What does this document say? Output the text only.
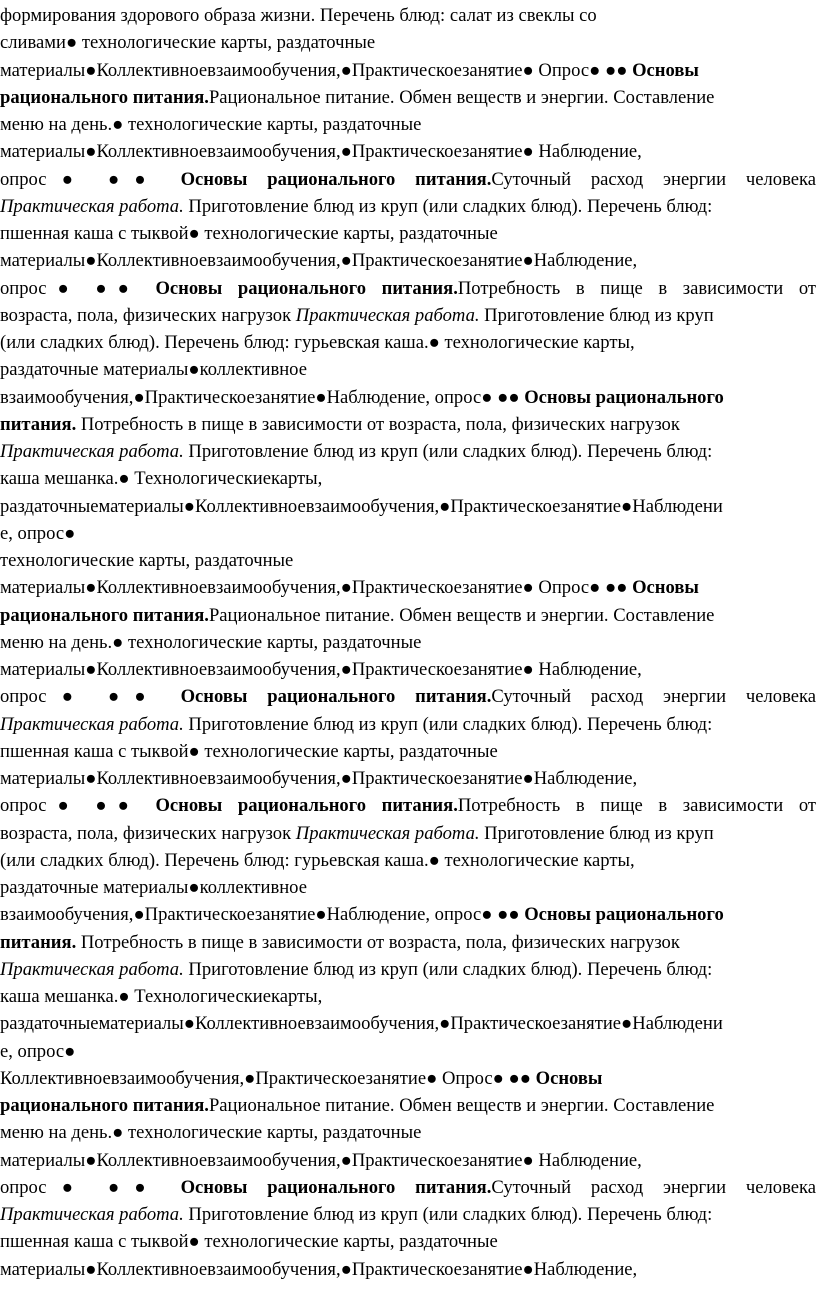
формирования здорового образа жизни. Перечень блюд: салат из свеклы со
сливами● технологические карты, раздаточные
материалы●Коллективноевзаимообучения,●Практическоезанятие● Опрос● ●● Основы
рационального питания.Рациональное питание. Обмен веществ и энергии. Составление
меню на день.● технологические карты, раздаточные
материалы●Коллективноевзаимообучения,●Практическоезанятие● Наблюдение,
опрос● ●● Основы рационального питания.Суточный расход энергии человека
Практическая работа. Приготовление блюд из круп (или сладких блюд). Перечень блюд:
пшенная каша с тыквой● технологические карты, раздаточные
материалы●Коллективноевзаимообучения,●Практическоезанятие●Наблюдение,
опрос● ●● Основы рационального питания.Потребность в пище в зависимости от
возраста, пола, физических нагрузок Практическая работа. Приготовление блюд из круп
(или сладких блюд). Перечень блюд: гурьевская каша.● технологические карты,
раздаточные материалы●коллективное
взаимообучения,●Практическоезанятие●Наблюдение, опрос● ●● Основы рационального
питания. Потребность в пище в зависимости от возраста, пола, физических нагрузок
Практическая работа. Приготовление блюд из круп (или сладких блюд). Перечень блюд:
каша мешанка.● Технологическиекарты,
раздаточныематериалы●Коллективноевзаимообучения,●Практическоезанятие●Наблюдени
е, опрос●
технологические карты, раздаточные
материалы●Коллективноевзаимообучения,●Практическоезанятие● Опрос● ●● Основы
рационального питания.Рациональное питание. Обмен веществ и энергии. Составление
меню на день.● технологические карты, раздаточные
материалы●Коллективноевзаимообучения,●Практическоезанятие● Наблюдение,
опрос● ●● Основы рационального питания.Суточный расход энергии человека
Практическая работа. Приготовление блюд из круп (или сладких блюд). Перечень блюд:
пшенная каша с тыквой● технологические карты, раздаточные
материалы●Коллективноевзаимообучения,●Практическоезанятие●Наблюдение,
опрос● ●● Основы рационального питания.Потребность в пище в зависимости от
возраста, пола, физических нагрузок Практическая работа. Приготовление блюд из круп
(или сладких блюд). Перечень блюд: гурьевская каша.● технологические карты,
раздаточные материалы●коллективное
взаимообучения,●Практическоезанятие●Наблюдение, опрос● ●● Основы рационального
питания. Потребность в пище в зависимости от возраста, пола, физических нагрузок
Практическая работа. Приготовление блюд из круп (или сладких блюд). Перечень блюд:
каша мешанка.● Технологическиекарты,
раздаточныематериалы●Коллективноевзаимообучения,●Практическоезанятие●Наблюдени
е, опрос●
Коллективноевзаимообучения,●Практическоезанятие● Опрос● ●● Основы
рационального питания.Рациональное питание. Обмен веществ и энергии. Составление
меню на день.● технологические карты, раздаточные
материалы●Коллективноевзаимообучения,●Практическоезанятие● Наблюдение,
опрос● ●● Основы рационального питания.Суточный расход энергии человека
Практическая работа. Приготовление блюд из круп (или сладких блюд). Перечень блюд:
пшенная каша с тыквой● технологические карты, раздаточные
материалы●Коллективноевзаимообучения,●Практическоезанятие●Наблюдение,
